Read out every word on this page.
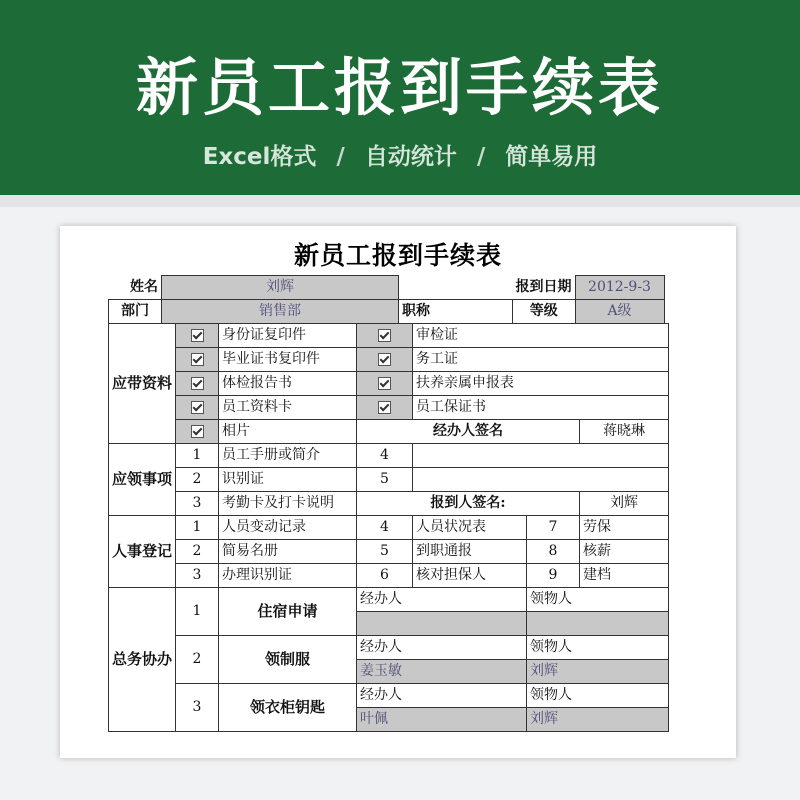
新员工报到手续表
Excel格式 / 自动统计 / 简单易用
新员工报到手续表
姓名	刘辉		报到日期	2012-9-3
部门	销售部	职称	等级	A级
应带资料		身份证复印件		审检证		
		毕业证书复印件		务工证		
		体检报告书		扶养亲属申报表		
		员工资料卡		员工保证书		
		相片	经办人签名			蒋晓琳
应领事项	1	员工手册或简介	4			
	2	识别证	5			
	3	考勤卡及打卡说明	报到人签名:			刘辉
人事登记	1	人员变动记录	4	人员状况表	7	劳保
	2	简易名册	5	到职通报	8	核薪
	3	办理识别证	6	核对担保人	9	建档
总务协办	1	住宿申请	经办人		领物人	

	2	领制服	经办人		领物人	
			姜玉敏		刘辉	
	3	领衣柜钥匙	经办人		领物人	
			叶佩		刘辉	
